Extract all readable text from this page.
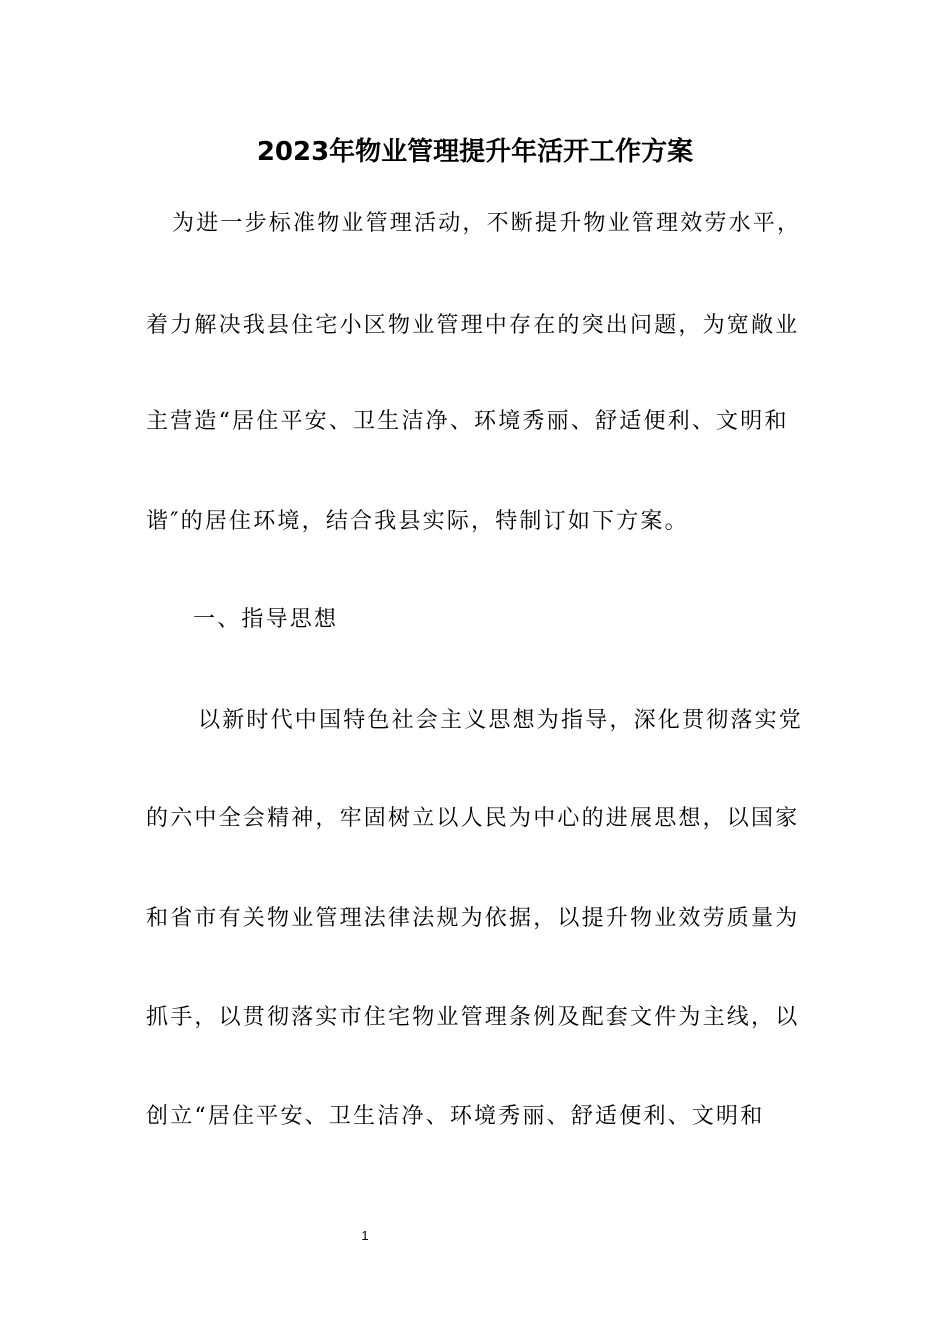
2023年物业管理提升年活开工作方案
为进一步标准物业管理活动，不断提升物业管理效劳水平，
着力解决我县住宅小区物业管理中存在的突出问题，为宽敞业
主营造“居住平安、卫生洁净、环境秀丽、舒适便利、文明和
谐″的居住环境，结合我县实际，特制订如下方案。
一、指导思想
以新时代中国特色社会主义思想为指导，深化贯彻落实党
的六中全会精神，牢固树立以人民为中心的进展思想，以国家
和省市有关物业管理法律法规为依据，以提升物业效劳质量为
抓手，以贯彻落实市住宅物业管理条例及配套文件为主线，以
创立“居住平安、卫生洁净、环境秀丽、舒适便利、文明和
1
